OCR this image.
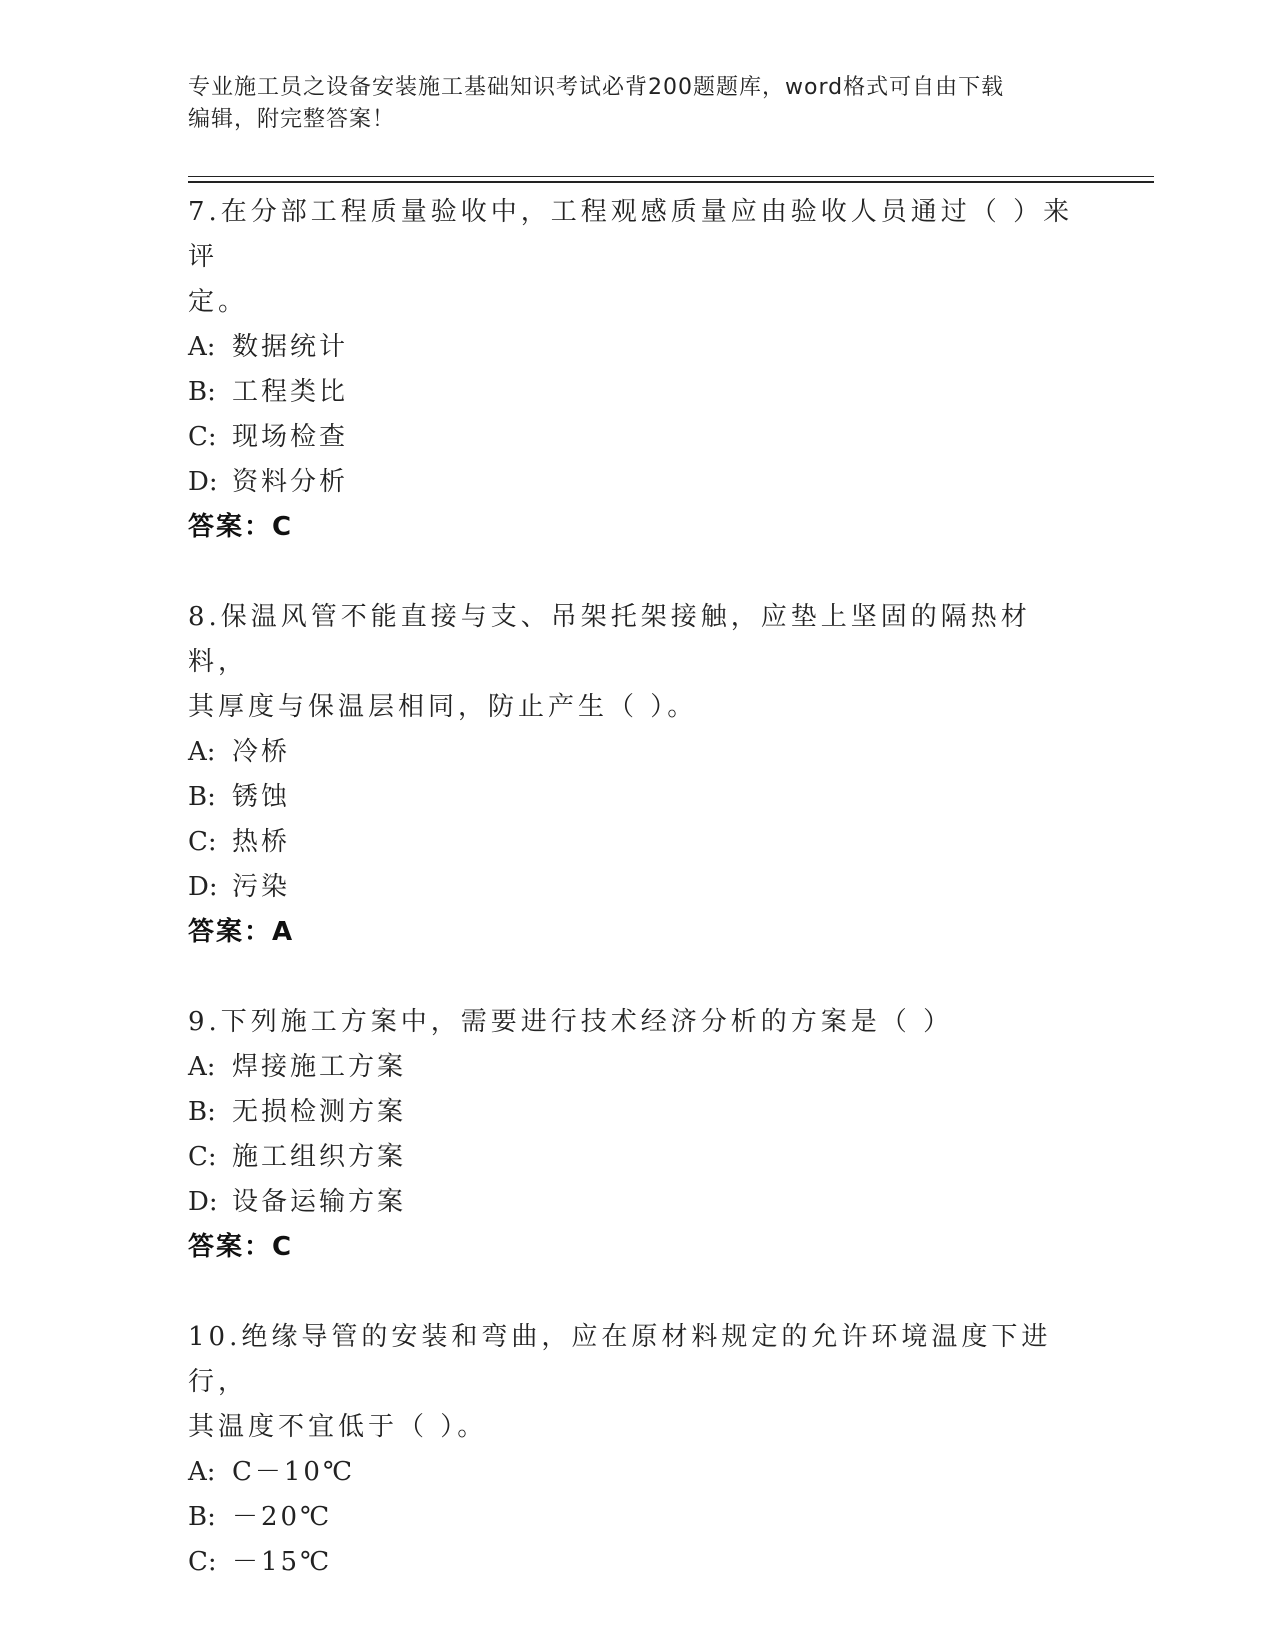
专业施工员之设备安装施工基础知识考试必背200题题库，word格式可自由下载
编辑，附完整答案！
7.在分部工程质量验收中，工程观感质量应由验收人员通过（ ）来评
定。
A: 数据统计
B: 工程类比
C: 现场检查
D: 资料分析
答案：C
8.保温风管不能直接与支、吊架托架接触，应垫上坚固的隔热材料，
其厚度与保温层相同，防止产生（ ）。
A: 冷桥
B: 锈蚀
C: 热桥
D: 污染
答案：A
9.下列施工方案中，需要进行技术经济分析的方案是（ ）
A: 焊接施工方案
B: 无损检测方案
C: 施工组织方案
D: 设备运输方案
答案：C
10.绝缘导管的安装和弯曲，应在原材料规定的允许环境温度下进行，
其温度不宜低于（ ）。
A: C－10℃
B: －20℃
C: －15℃
